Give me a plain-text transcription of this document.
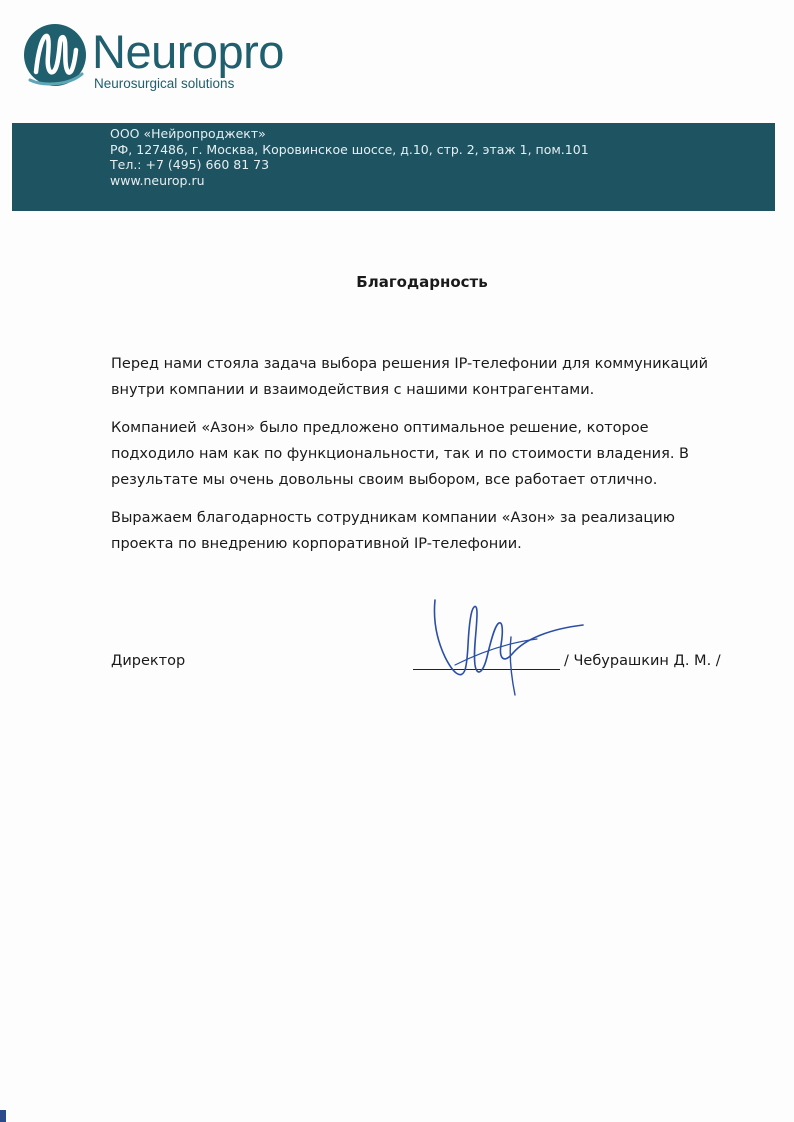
Neuropro
Neurosurgical solutions
ООО «Нейропроджект»
РФ, 127486, г. Москва, Коровинское шоссе, д.10, стр. 2, этаж 1, пом.101
Тел.: +7 (495) 660 81 73
www.neurop.ru
Благодарность

Перед нами стояла задача выбора решения IP-телефонии для коммуникаций
внутри компании и взаимодействия с нашими контрагентами.

Компанией «Азон» было предложено оптимальное решение, которое
подходило нам как по функциональности, так и по стоимости владения. В
результате мы очень довольны своим выбором, все работает отлично.

Выражаем благодарность сотрудникам компании «Азон» за реализацию
проекта по внедрению корпоративной IP-телефонии.

Директор	/ Чебурашкин Д. М. /
